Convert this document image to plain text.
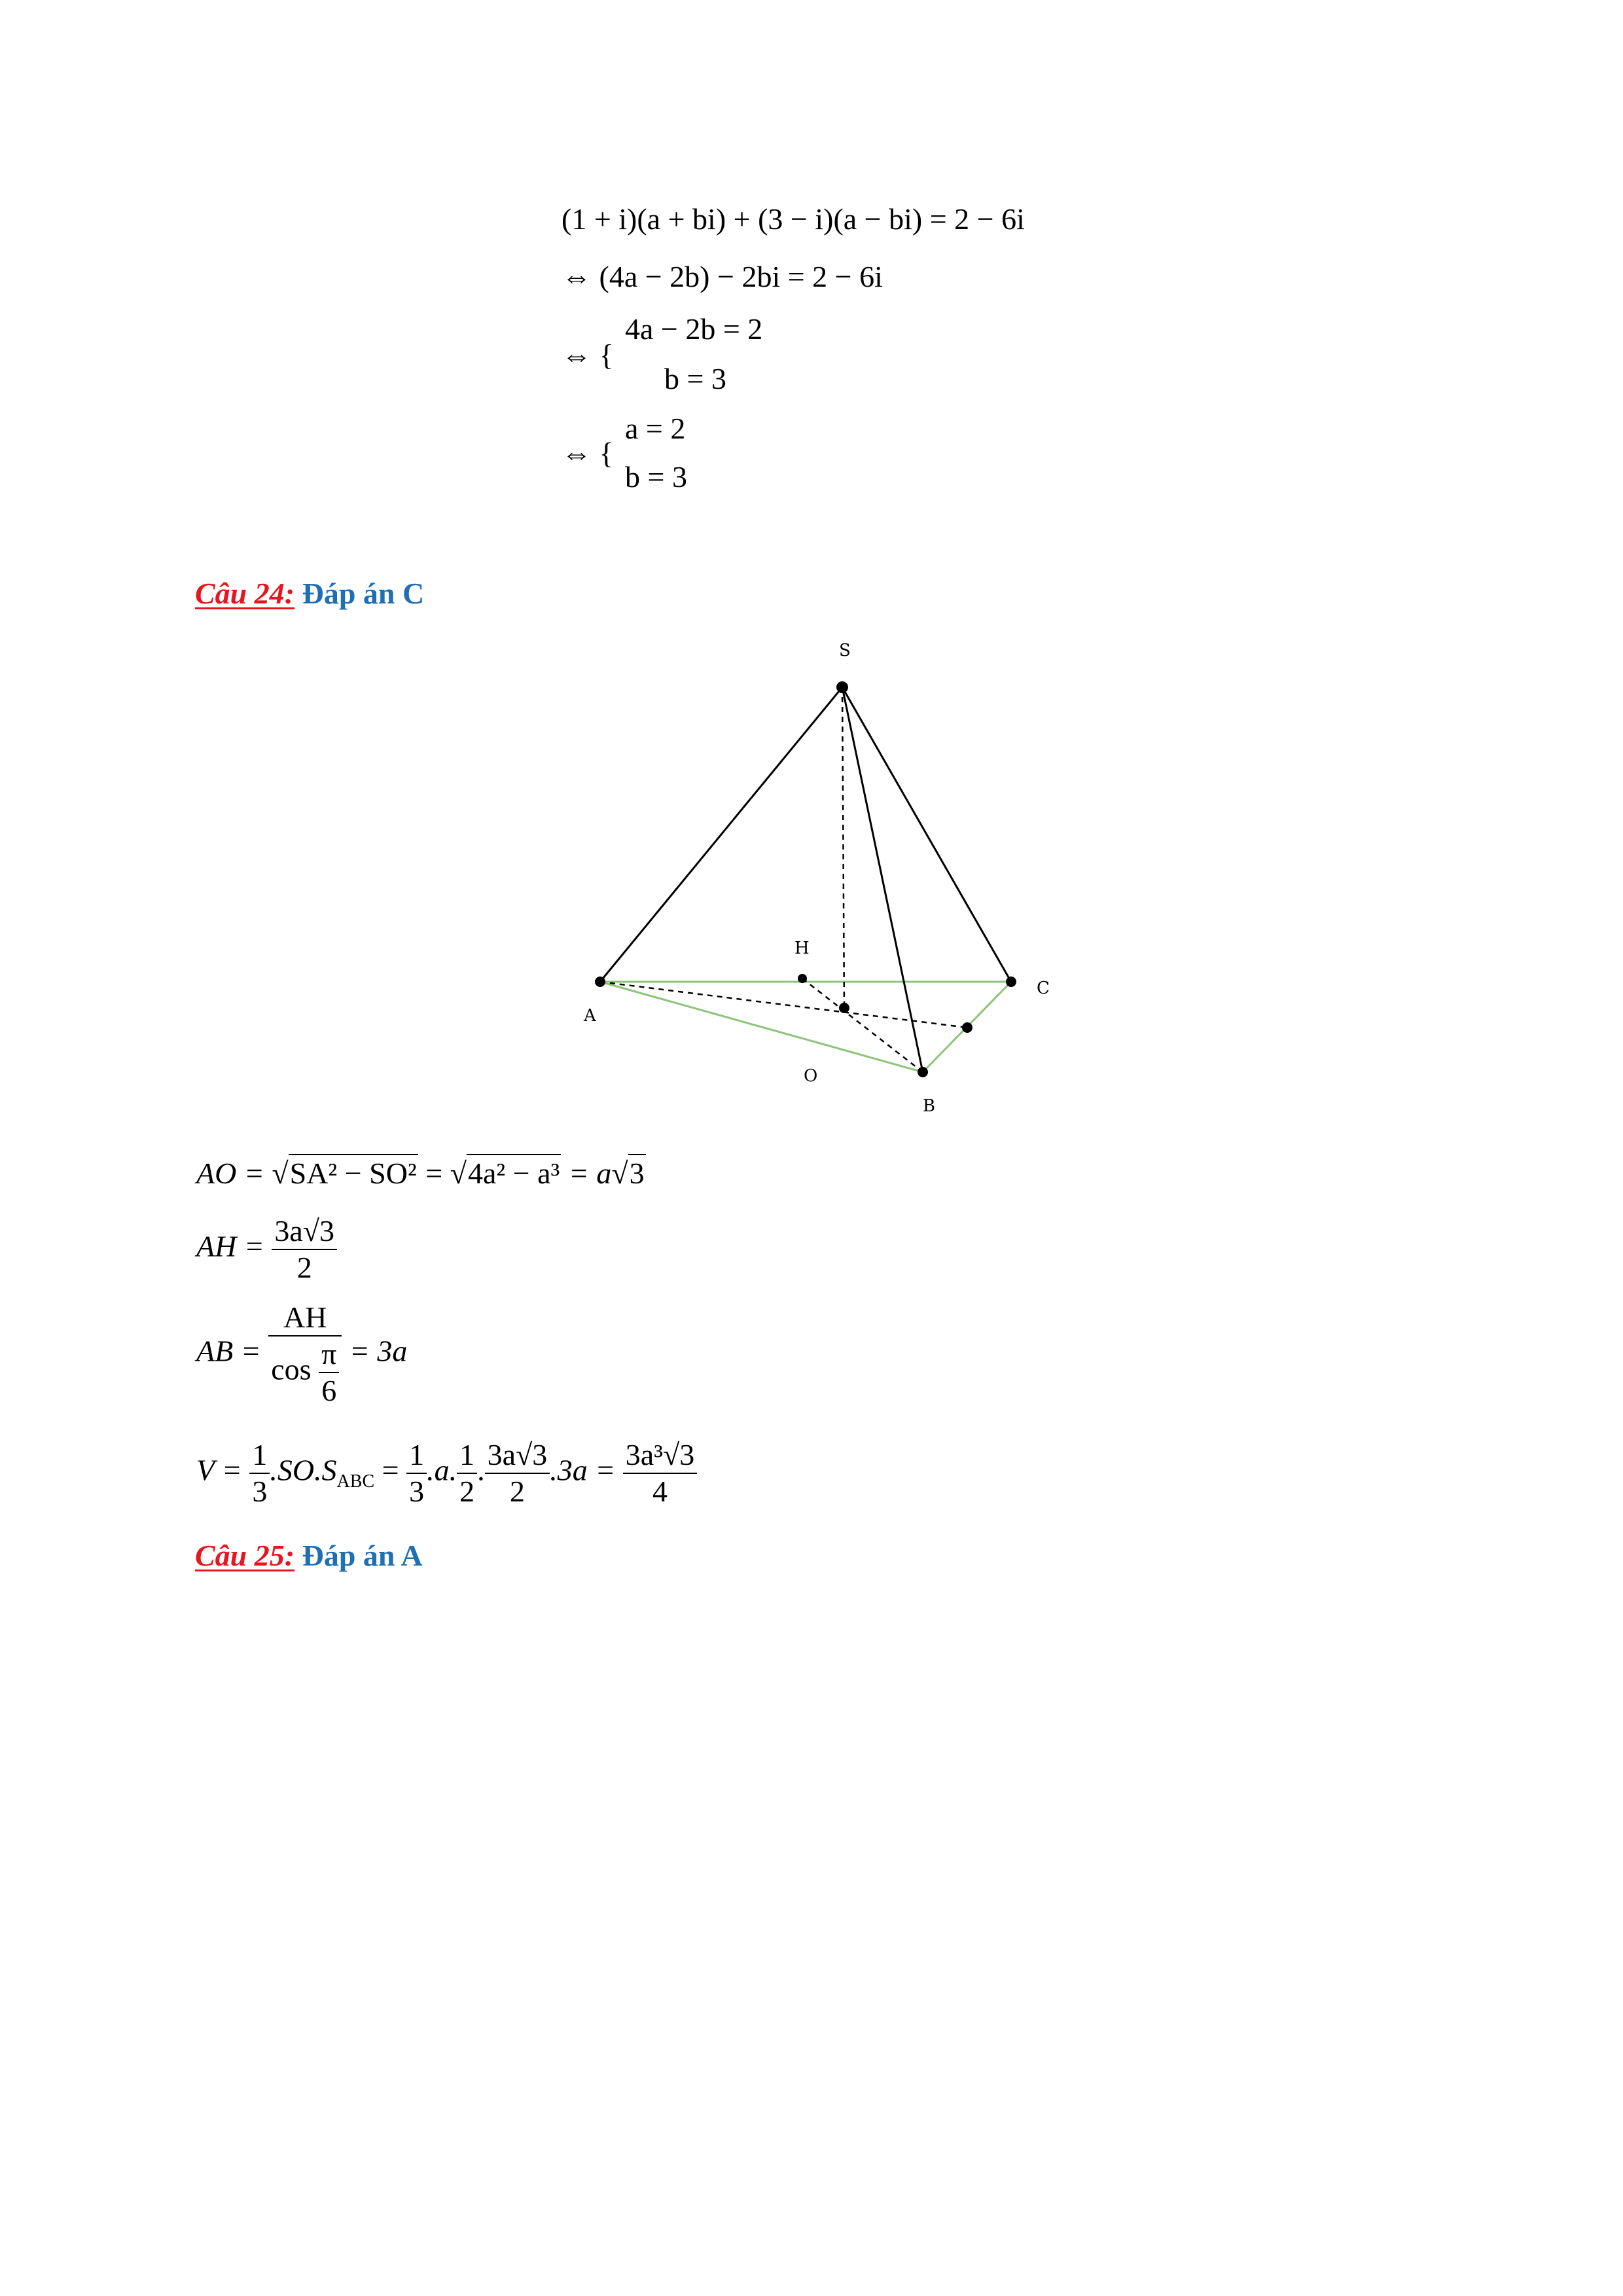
(1 + i)(a + bi) + (3 − i)(a − bi) = 2 − 6i
⇔ (4a − 2b) − 2bi = 2 − 6i
⇔ {
4a − 2b = 2
b = 3
⇔ {
a = 2
b = 3
Câu 24: Đáp án C
S
H
A
C
O
B
AO = √SA² − SO² = √4a² − a³ = a√3
AH = $\frac{3a√3}{2}$
AB = $\frac{AH}{\cos \frac{\pi}{6}} = 3a$
$V = \frac{1}{3} .SO.S_{ABC} = \frac{1}{3} .a$. $\frac{1}{2}$ . $\frac{3a√3}{2} .3a = \frac{\text{3a³√3}}{4}$
Câu 25: Đáp án A
